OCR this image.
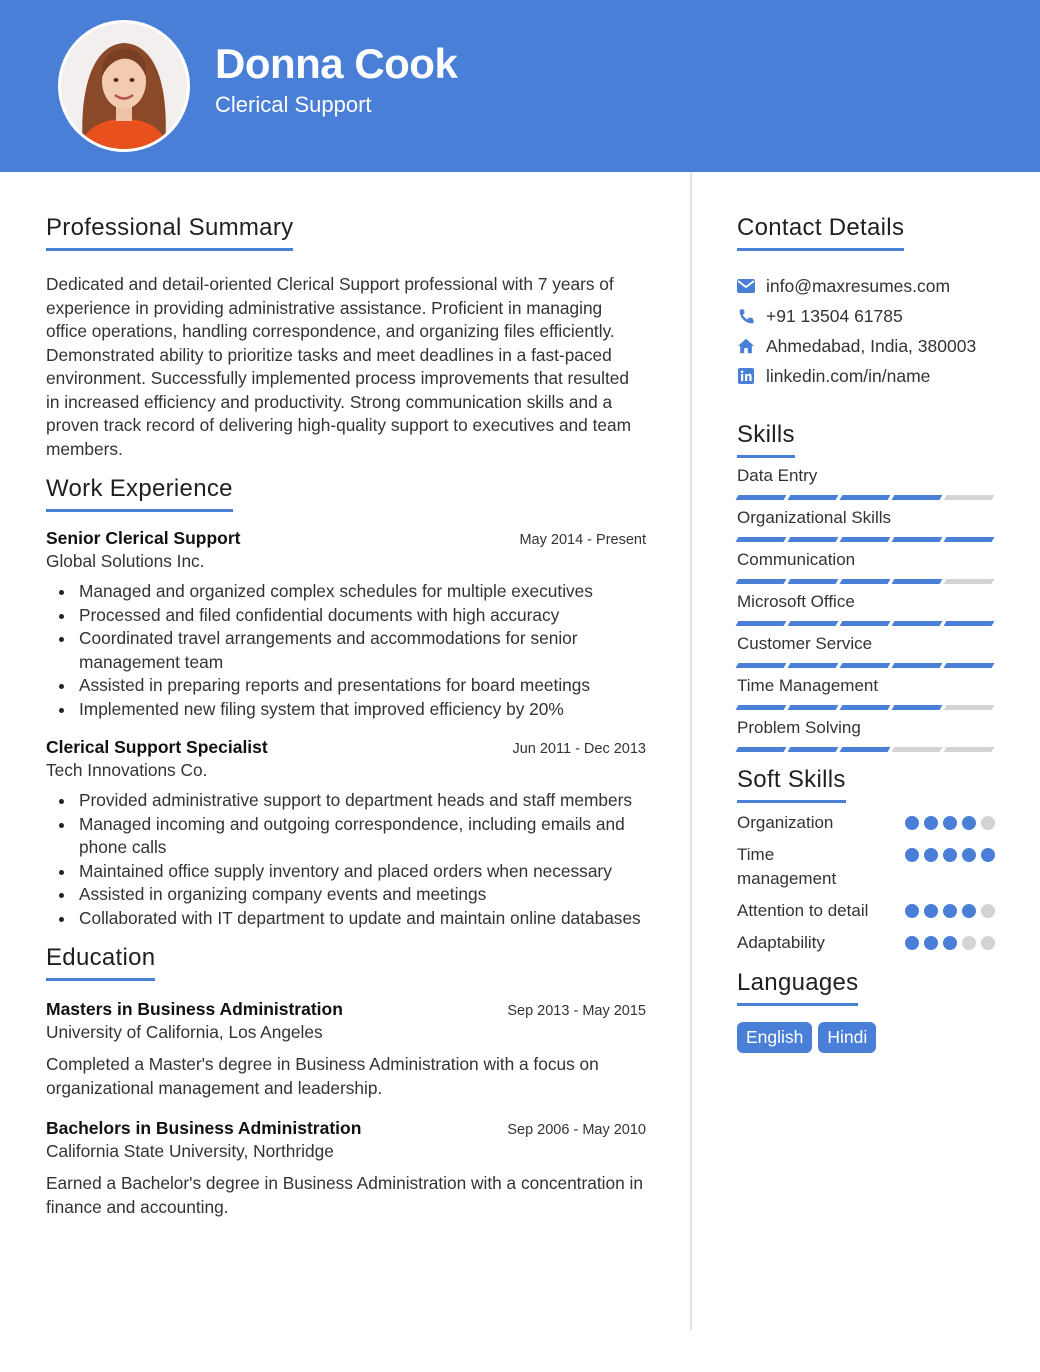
Donna Cook
Clerical Support
Professional Summary

Dedicated and detail-oriented Clerical Support professional with 7 years of experience in providing administrative assistance. Proficient in managing office operations, handling correspondence, and organizing files efficiently. Demonstrated ability to prioritize tasks and meet deadlines in a fast-paced environment. Successfully implemented process improvements that resulted in increased efficiency and productivity. Strong communication skills and a proven track record of delivering high-quality support to executives and team members.

Work Experience
Senior Clerical Support	May 2014 - Present
Global Solutions Inc.
Managed and organized complex schedules for multiple executives
Processed and filed confidential documents with high accuracy
Coordinated travel arrangements and accommodations for senior management team
Assisted in preparing reports and presentations for board meetings
Implemented new filing system that improved efficiency by 20%
Clerical Support Specialist	Jun 2011 - Dec 2013
Tech Innovations Co.
Provided administrative support to department heads and staff members
Managed incoming and outgoing correspondence, including emails and phone calls
Maintained office supply inventory and placed orders when necessary
Assisted in organizing company events and meetings
Collaborated with IT department to update and maintain online databases
Education
Masters in Business Administration	Sep 2013 - May 2015
University of California, Los Angeles

Completed a Master's degree in Business Administration with a focus on organizational management and leadership.

Bachelors in Business Administration	Sep 2006 - May 2010
California State University, Northridge

Earned a Bachelor's degree in Business Administration with a concentration in finance and accounting.

Contact Details
info@maxresumes.com
+91 13504 61785
Ahmedabad, India, 380003
linkedin.com/in/name
Skills
Data Entry
Organizational Skills
Communication
Microsoft Office
Customer Service
Time Management
Problem Solving
Soft Skills
Organization
Time management
Attention to detail
Adaptability
Languages
English	Hindi
